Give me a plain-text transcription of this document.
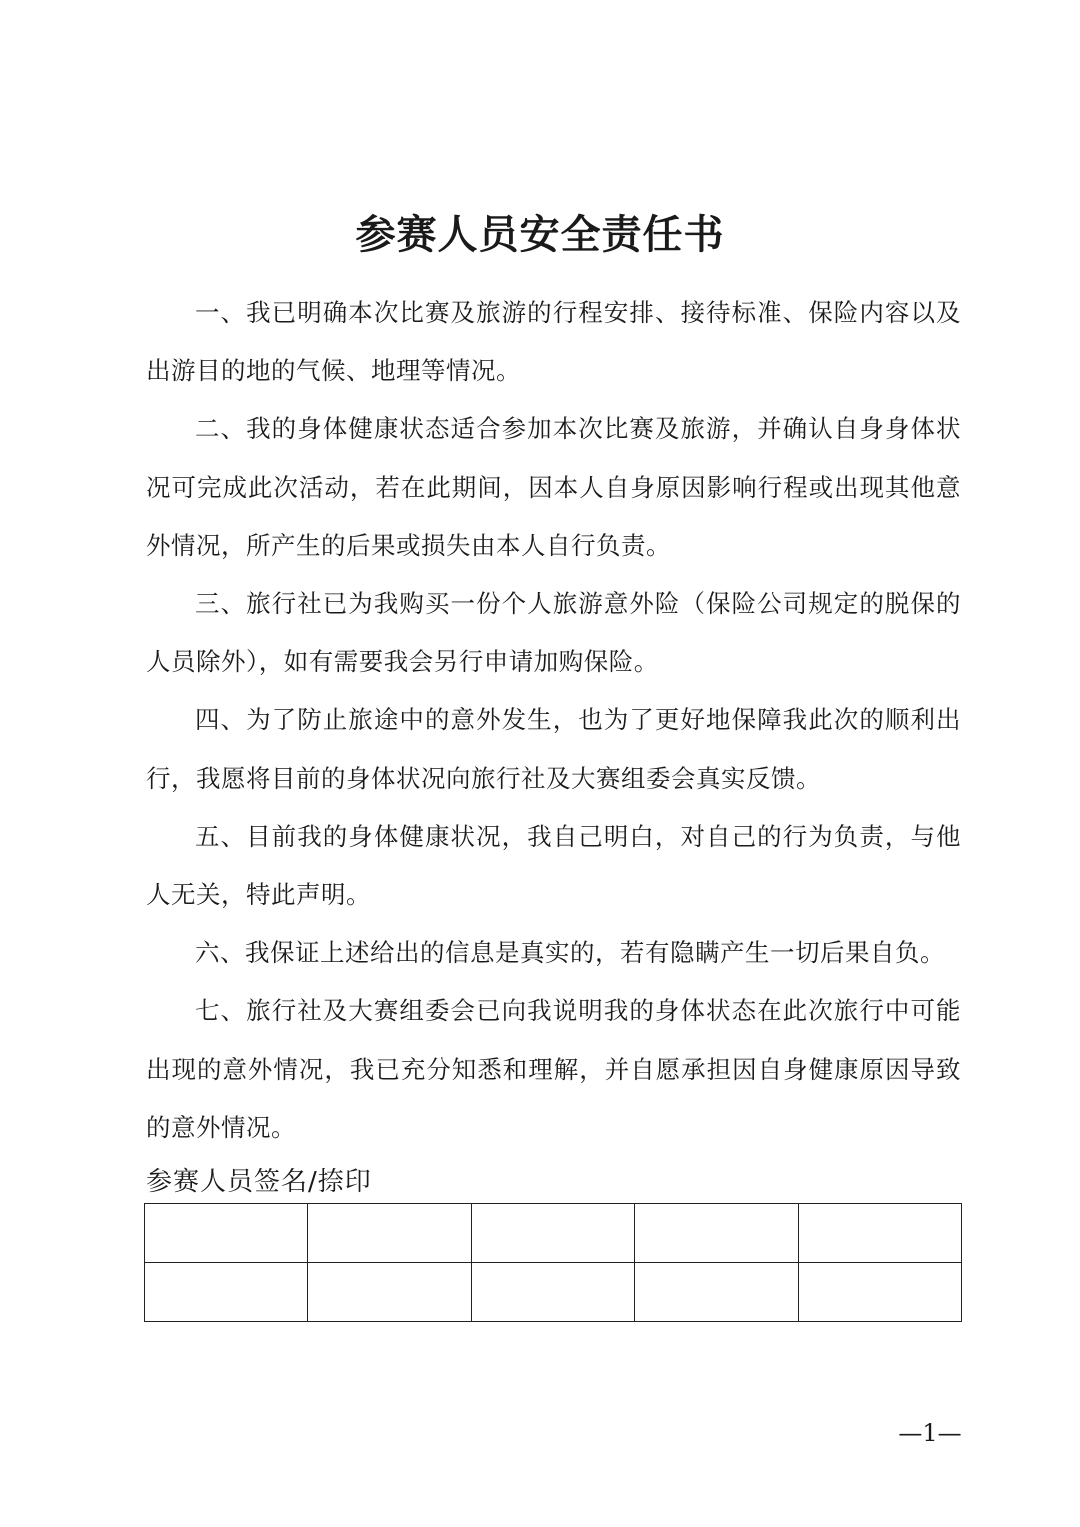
参赛人员安全责任书

一、我已明确本次比赛及旅游的行程安排、接待标准、保险内容以及出游目的地的气候、地理等情况。

二、我的身体健康状态适合参加本次比赛及旅游，并确认自身身体状况可完成此次活动，若在此期间，因本人自身原因影响行程或出现其他意外情况，所产生的后果或损失由本人自行负责。

三、旅行社已为我购买一份个人旅游意外险（保险公司规定的脱保的人员除外），如有需要我会另行申请加购保险。

四、为了防止旅途中的意外发生，也为了更好地保障我此次的顺利出行，我愿将目前的身体状况向旅行社及大赛组委会真实反馈。

五、目前我的身体健康状况，我自己明白，对自己的行为负责，与他人无关，特此声明。

六、我保证上述给出的信息是真实的，若有隐瞒产生一切后果自负。

七、旅行社及大赛组委会已向我说明我的身体状态在此次旅行中可能出现的意外情况，我已充分知悉和理解，并自愿承担因自身健康原因导致的意外情况。

参赛人员签名/捺印

—1—
